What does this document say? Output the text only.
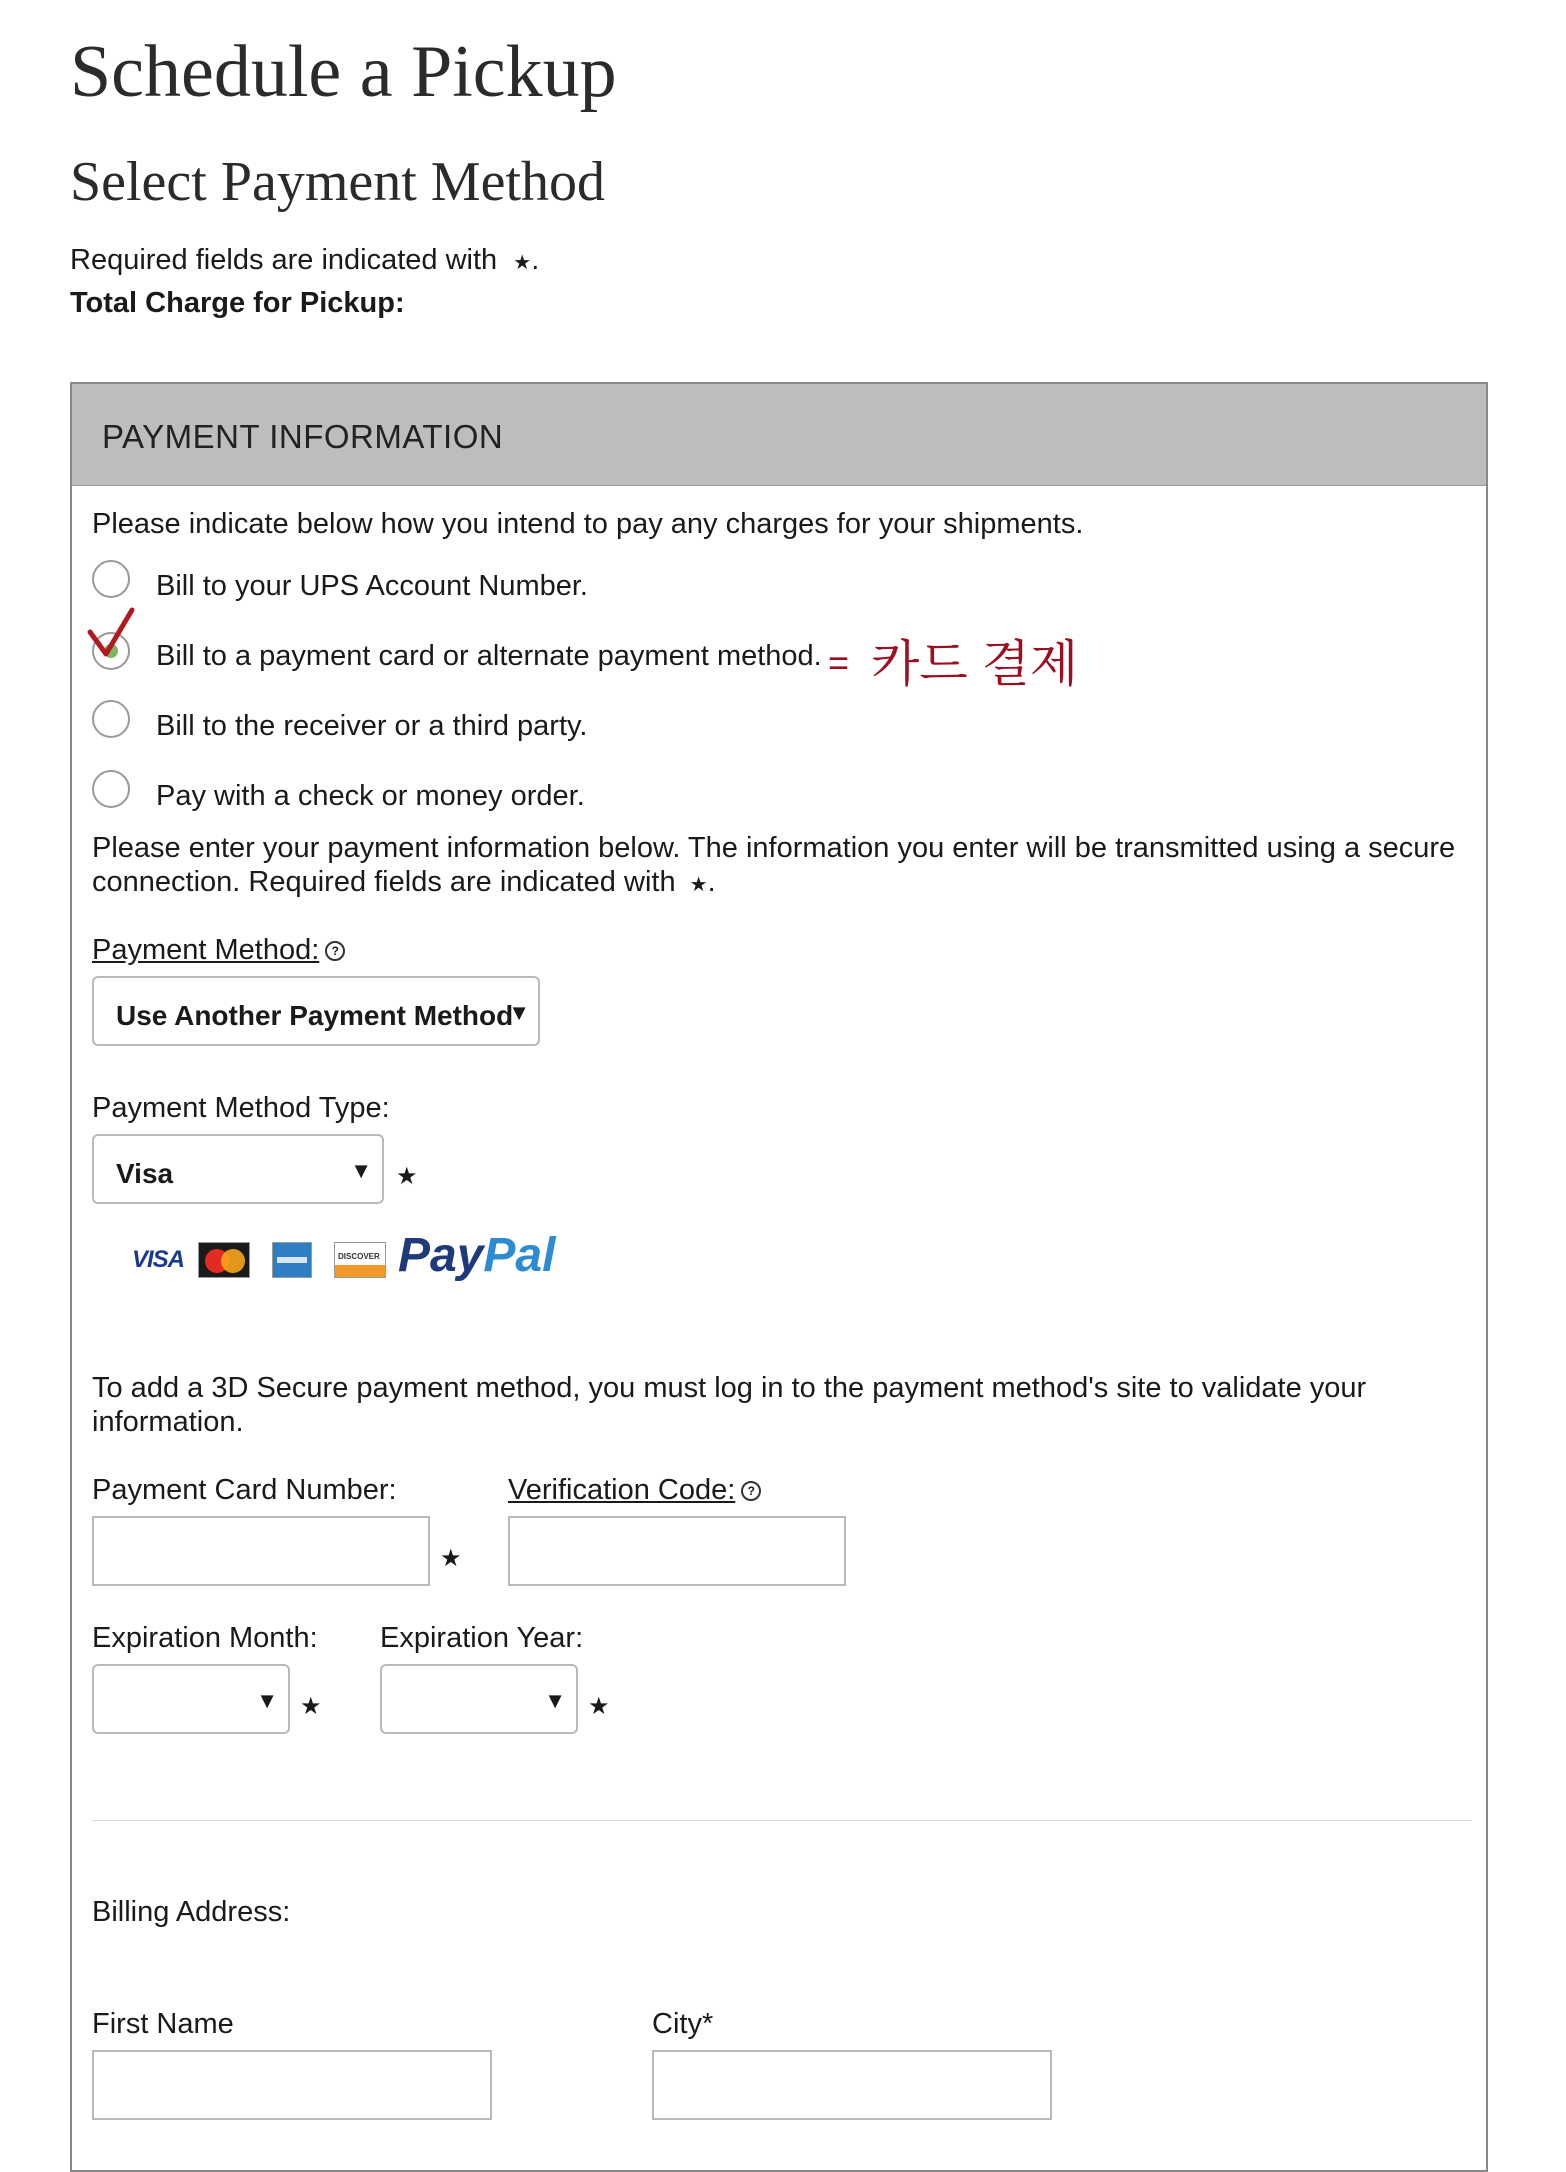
Schedule a Pickup
Select Payment Method
Required fields are indicated with ★.
Total Charge for Pickup:
PAYMENT INFORMATION
Please indicate below how you intend to pay any charges for your shipments.
Bill to your UPS Account Number.
Bill to a payment card or alternate payment method. = 카드 결제
Bill to the receiver or a third party.
Pay with a check or money order.
Please enter your payment information below. The information you enter will be transmitted using a secure
connection. Required fields are indicated with ★.
Payment Method: ?
Use Another Payment Method
▼
Payment Method Type:
Visa	▼ ★
VISA	DISCOVER PayPal
To add a 3D Secure payment method, you must log in to the payment method's site to validate your
information.
Payment Card Number:
★
Verification Code: ?
Expiration Month:
▼ ★
Expiration Year:
▼ ★
Billing Address:
First Name	City*
